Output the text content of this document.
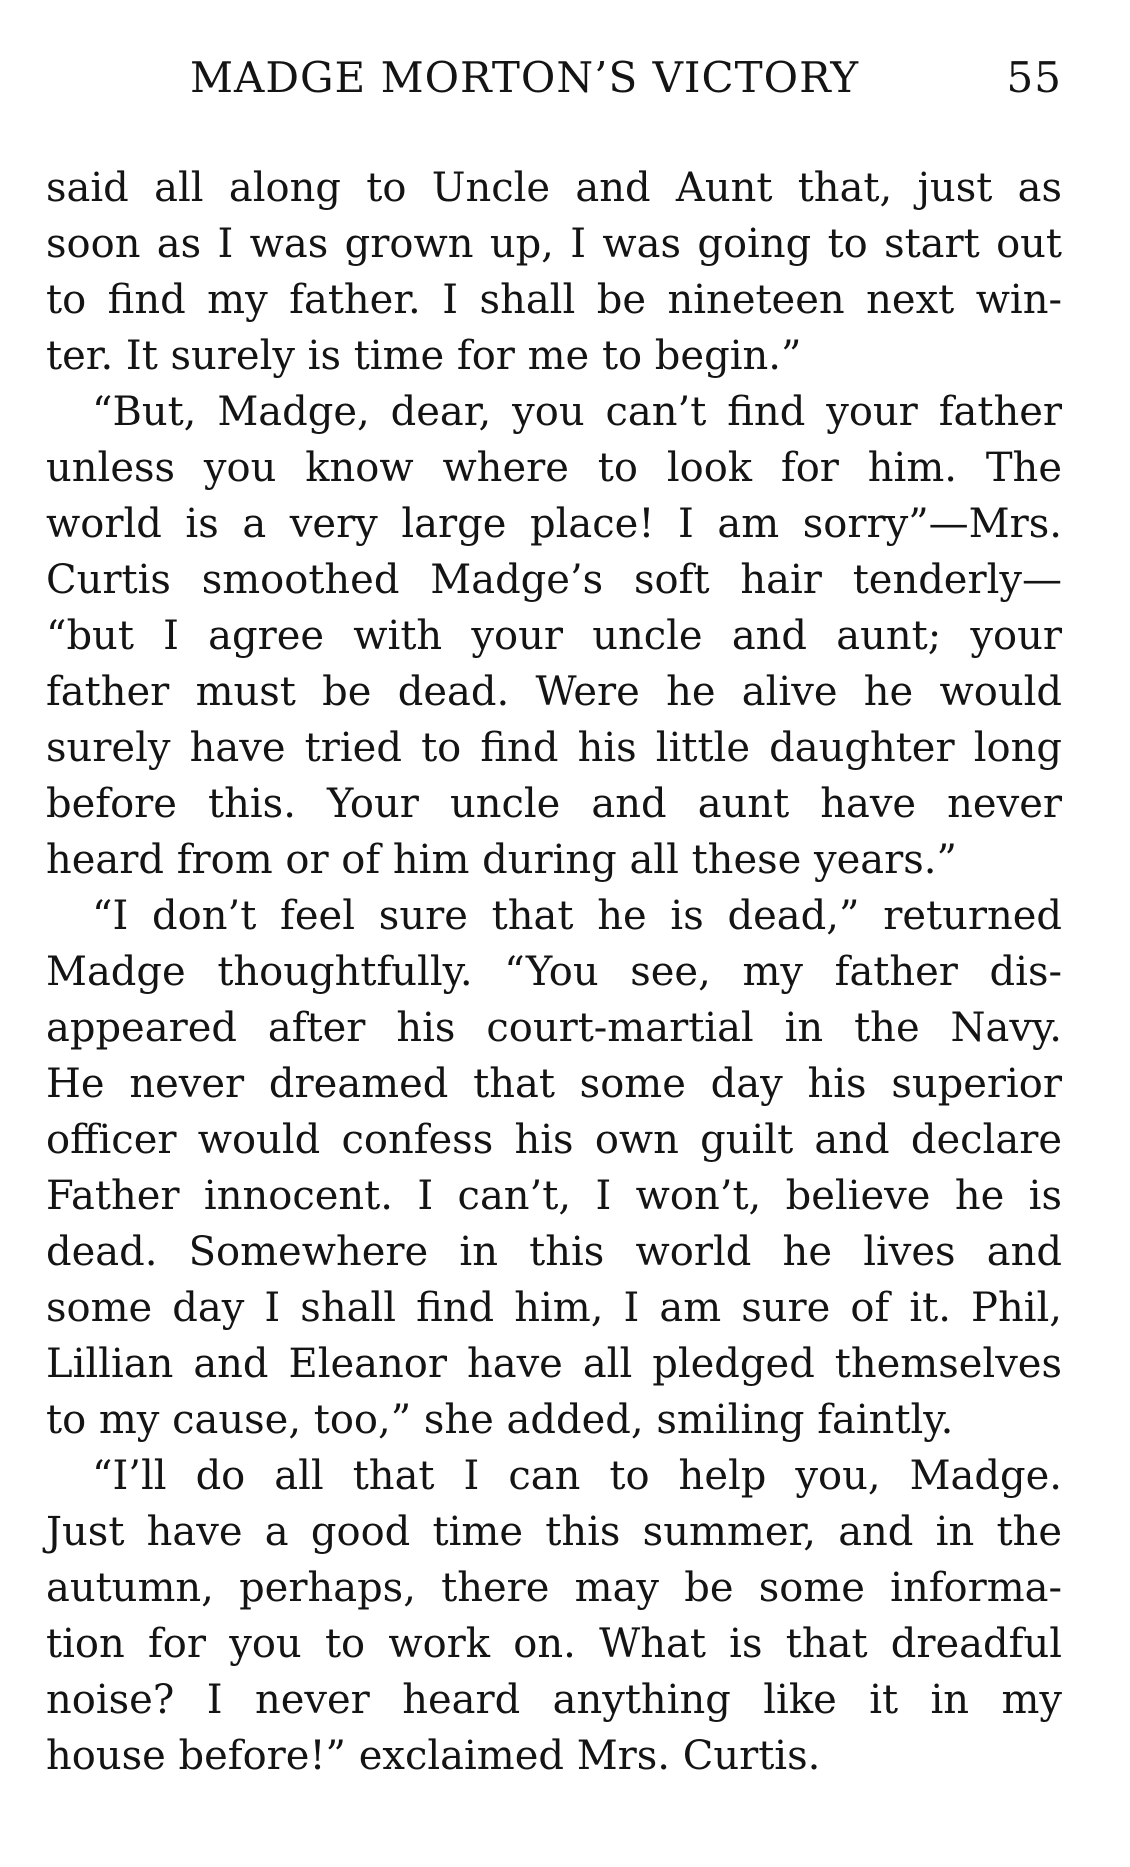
MADGE MORTON’S VICTORY	55
said all along to Uncle and Aunt that, just as
soon as I was grown up, I was going to start out
to find my father. I shall be nineteen next win-
ter. It surely is time for me to begin.”
“But, Madge, dear, you can’t find your father
unless you know where to look for him. The
world is a very large place! I am sorry”—Mrs.
Curtis smoothed Madge’s soft hair tenderly—
“but I agree with your uncle and aunt; your
father must be dead. Were he alive he would
surely have tried to find his little daughter long
before this. Your uncle and aunt have never
heard from or of him during all these years.”
“I don’t feel sure that he is dead,” returned
Madge thoughtfully. “You see, my father dis-
appeared after his court-martial in the Navy.
He never dreamed that some day his superior
officer would confess his own guilt and declare
Father innocent. I can’t, I won’t, believe he is
dead. Somewhere in this world he lives and
some day I shall find him, I am sure of it. Phil,
Lillian and Eleanor have all pledged themselves
to my cause, too,” she added, smiling faintly.
“I’ll do all that I can to help you, Madge.
Just have a good time this summer, and in the
autumn, perhaps, there may be some informa-
tion for you to work on. What is that dreadful
noise? I never heard anything like it in my
house before!” exclaimed Mrs. Curtis.
